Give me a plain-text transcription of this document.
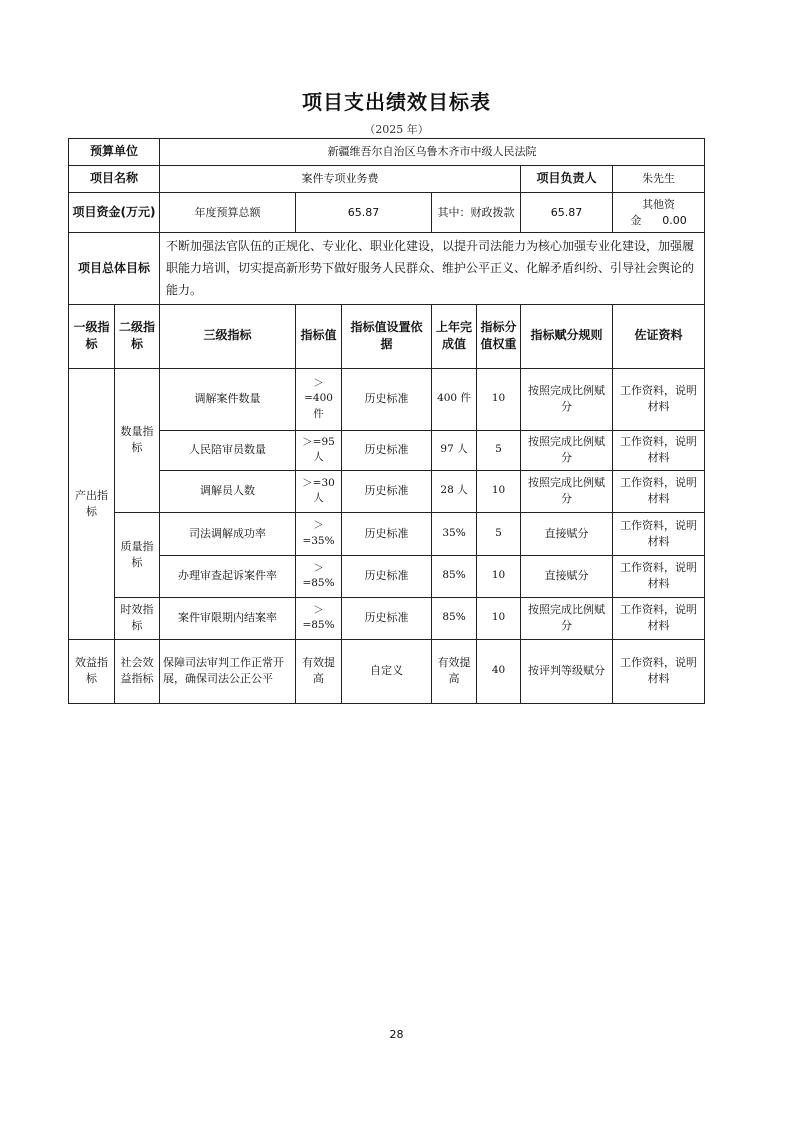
项目支出绩效目标表
（2025 年）
预算单位		新疆维吾尔自治区乌鲁木齐市中级人民法院						
项目名称		案件专项业务费					项目负责人	朱先生
项目资金(万元)		年度预算总额	65.87		其中：财政拨款		65.87	其他资金 0.00
项目总体目标		不断加强法官队伍的正规化、专业化、职业化建设，以提升司法能力为核心加强专业化建设，加强履职能力培训，切实提高新形势下做好服务人民群众、维护公平正义、化解矛盾纠纷、引导社会舆论的能力。						
一级指标	二级指标	三级指标	指标值	指标值设置依据	上年完成值	指标分值权重	指标赋分规则	佐证资料
产出指标	数量指标	调解案件数量	＞=400件	历史标准	400 件	10	按照完成比例赋分	工作资料，说明材料
		人民陪审员数量	＞=95人	历史标准	97 人	5	按照完成比例赋分	工作资料，说明材料
		调解员人数	＞=30人	历史标准	28 人	10	按照完成比例赋分	工作资料，说明材料
	质量指标	司法调解成功率	＞=35%	历史标准	35%	5	直接赋分	工作资料，说明材料
		办理审查起诉案件率	＞=85%	历史标准	85%	10	直接赋分	工作资料，说明材料
	时效指标	案件审限期内结案率	＞=85%	历史标准	85%	10	按照完成比例赋分	工作资料，说明材料
效益指标	社会效益指标	保障司法审判工作正常开展，确保司法公正公平	有效提高	自定义	有效提高	40	按评判等级赋分	工作资料，说明材料
28
